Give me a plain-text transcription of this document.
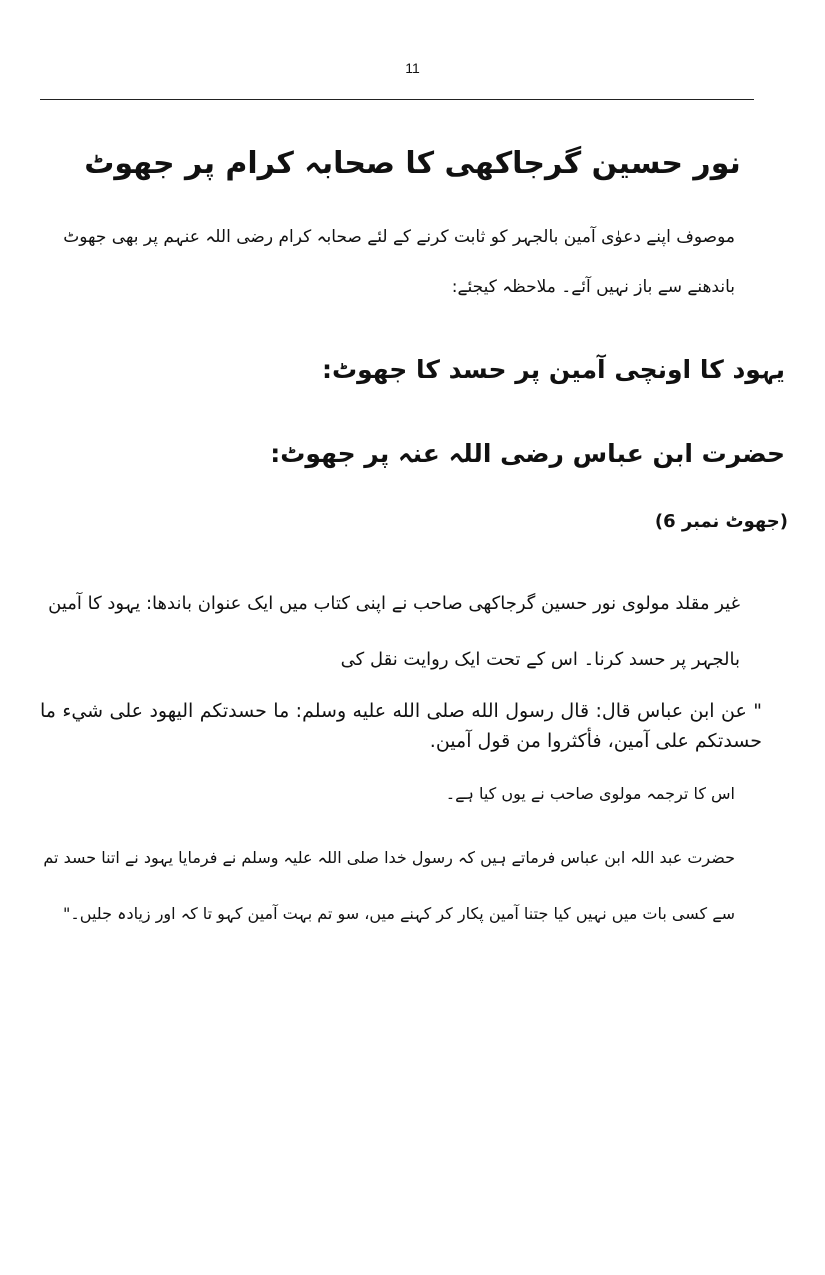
11
نور حسین گرجاکھی کا صحابہ کرام پر جھوٹ
موصوف اپنے دعوٰی آمین بالجہر کو ثابت کرنے کے لئے صحابہ کرام رضی اللہ عنہم پر بھی جھوٹ باندھنے سے باز نہیں آئے۔ ملاحظہ کیجئے:
یہود کا اونچی آمین پر حسد کا جھوٹ:
حضرت ابن عباس رضی اللہ عنہ پر جھوٹ:
(جھوٹ نمبر 6)
غیر مقلد مولوی نور حسین گرجاکھی صاحب نے اپنی کتاب میں ایک عنوان باندھا: یہود کا آمین بالجہر پر حسد کرنا۔ اس کے تحت ایک روایت نقل کی
" عن ابن عباس قال: قال رسول الله صلى الله عليه وسلم: ما حسدتكم اليهود على شيء ما حسدتكم على آمين، فأكثروا من قول آمين.
اس کا ترجمہ مولوی صاحب نے یوں کیا ہے۔
حضرت عبد اللہ ابن عباس فرماتے ہیں کہ رسول خدا صلی اللہ علیہ وسلم نے فرمایا یہود نے اتنا حسد تم سے کسی بات میں نہیں کیا جتنا آمین پکار کر کہنے میں، سو تم بہت آمین کہو تا کہ اور زیادہ جلیں۔"
